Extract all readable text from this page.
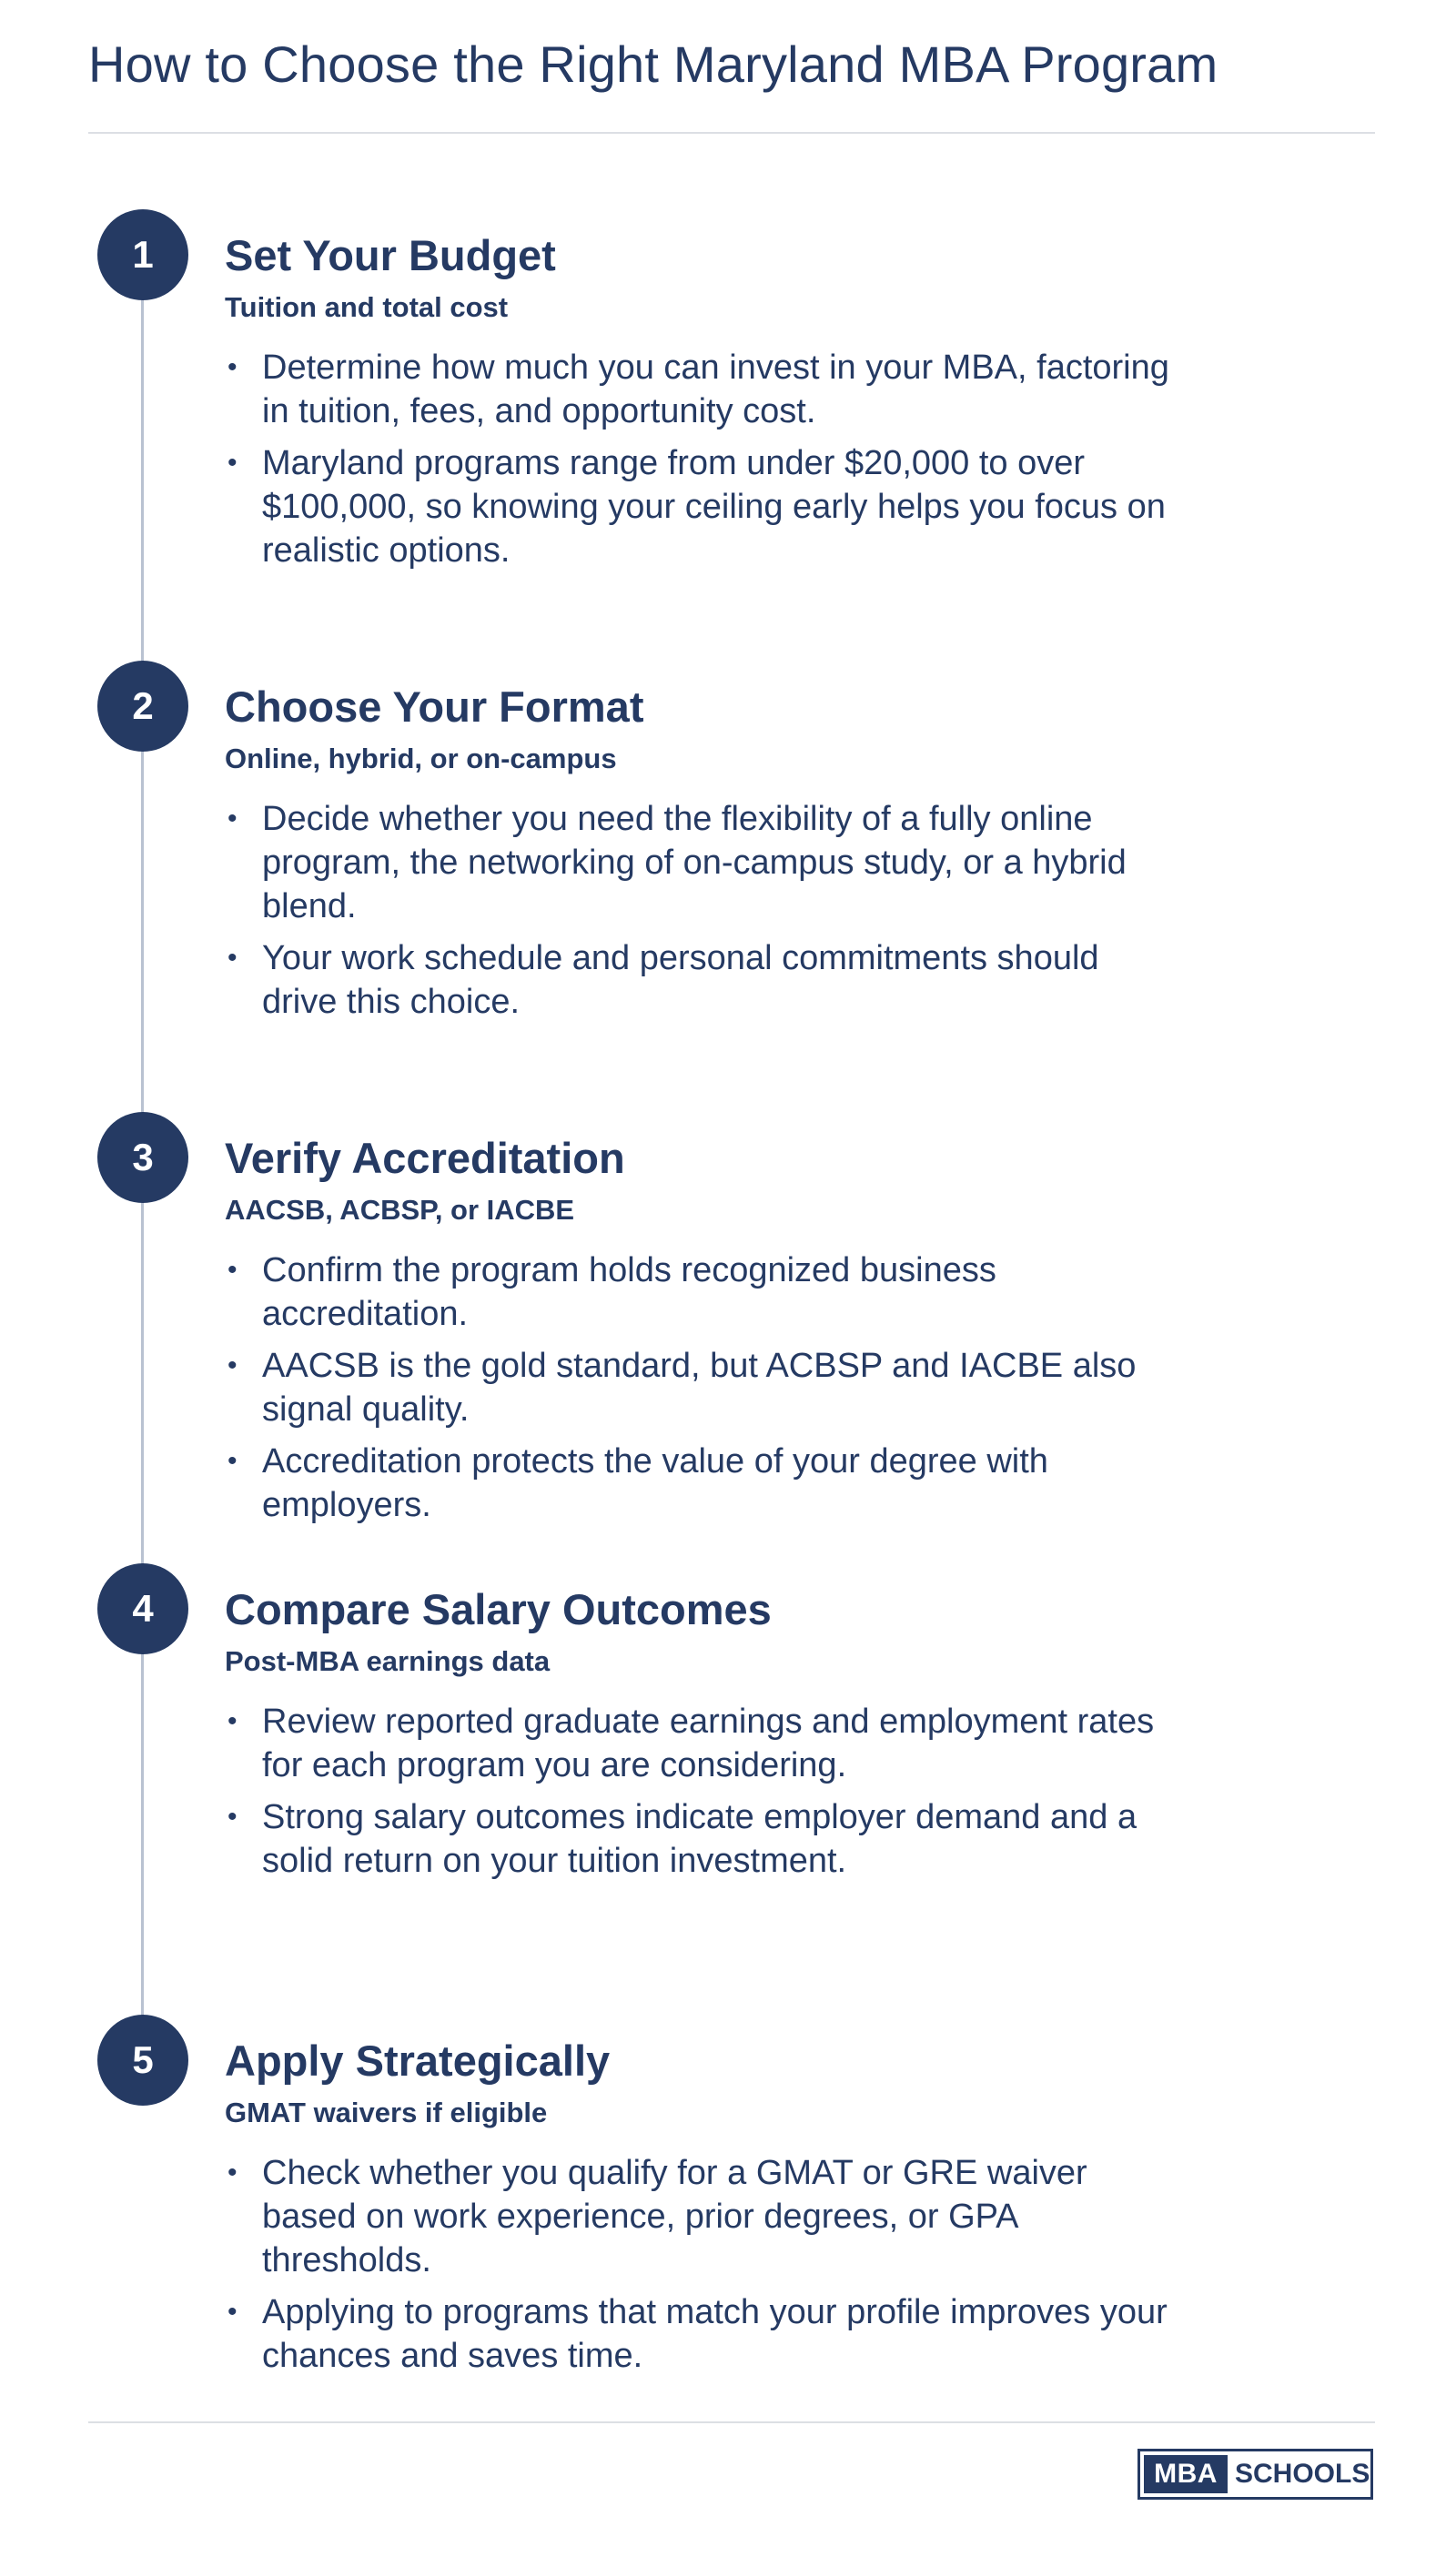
How to Choose the Right Maryland MBA Program
1	Set Your Budget
Tuition and total cost
• Determine how much you can invest in your MBA, factoring in tuition, fees, and opportunity cost.
• Maryland programs range from under $20,000 to over $100,000, so knowing your ceiling early helps you focus on realistic options.
2	Choose Your Format
Online, hybrid, or on-campus
• Decide whether you need the flexibility of a fully online program, the networking of on-campus study, or a hybrid blend.
• Your work schedule and personal commitments should drive this choice.
3	Verify Accreditation
AACSB, ACBSP, or IACBE
• Confirm the program holds recognized business accreditation.
• AACSB is the gold standard, but ACBSP and IACBE also signal quality.
• Accreditation protects the value of your degree with employers.
4	Compare Salary Outcomes
Post-MBA earnings data
• Review reported graduate earnings and employment rates for each program you are considering.
• Strong salary outcomes indicate employer demand and a solid return on your tuition investment.
5	Apply Strategically
GMAT waivers if eligible
• Check whether you qualify for a GMAT or GRE waiver based on work experience, prior degrees, or GPA thresholds.
• Applying to programs that match your profile improves your chances and saves time.
MBA SCHOOLS
